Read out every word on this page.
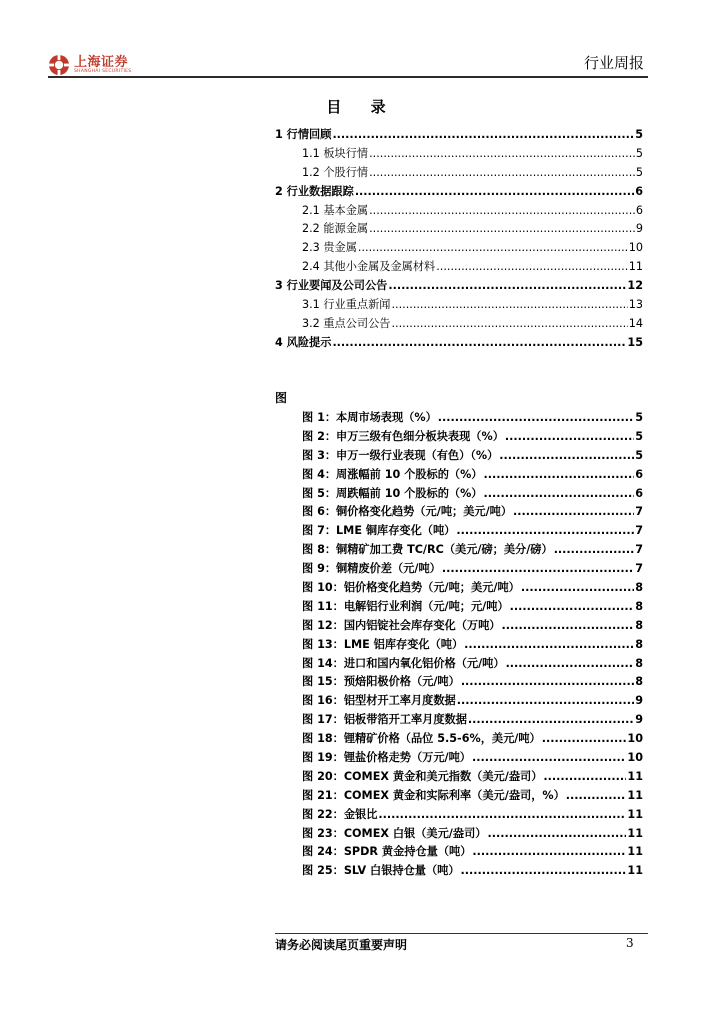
上海证券
SHANGHAI SECURITIES	行业周报
目 录
1 行情回顾 .....	5
1.1 板块行情 .....	5
1.2 个股行情 .....	5
2 行业数据跟踪 .....	6
2.1 基本金属 .....	6
2.2 能源金属 .....	9
2.3 贵金属 .....	10
2.4 其他小金属及金属材料 .....	11
3 行业要闻及公司公告 .....	12
3.1 行业重点新闻 .....	13
3.2 重点公司公告 .....	14
4 风险提示 .....	15
图
图 1：本周市场表现（%） .....	5
图 2：申万三级有色细分板块表现（%） .....	5
图 3：申万一级行业表现（有色）（%） .....	5
图 4：周涨幅前 10 个股标的（%） .....	6
图 5：周跌幅前 10 个股标的（%） .....	6
图 6：铜价格变化趋势（元/吨；美元/吨） .....	7
图 7：LME 铜库存变化（吨） .....	7
图 8：铜精矿加工费 TC/RC（美元/磅；美分/磅） .....	7
图 9：铜精废价差（元/吨） .....	7
图 10：铝价格变化趋势（元/吨；美元/吨） .....	8
图 11：电解铝行业利润（元/吨；元/吨） .....	8
图 12：国内铝锭社会库存变化（万吨） .....	8
图 13：LME 铝库存变化（吨） .....	8
图 14：进口和国内氧化铝价格（元/吨） .....	8
图 15：预焙阳极价格（元/吨） .....	8
图 16：铝型材开工率月度数据 .....	9
图 17：铝板带箔开工率月度数据 .....	9
图 18：锂精矿价格（品位 5.5-6%，美元/吨） .....	10
图 19：锂盐价格走势（万元/吨） .....	10
图 20：COMEX 黄金和美元指数（美元/盎司） .....	11
图 21：COMEX 黄金和实际利率（美元/盎司，%） .....	11
图 22：金银比 .....	11
图 23：COMEX 白银（美元/盎司） .....	11
图 24：SPDR 黄金持仓量（吨） .....	11
图 25：SLV 白银持仓量（吨） .....	11
请务必阅读尾页重要声明	3
